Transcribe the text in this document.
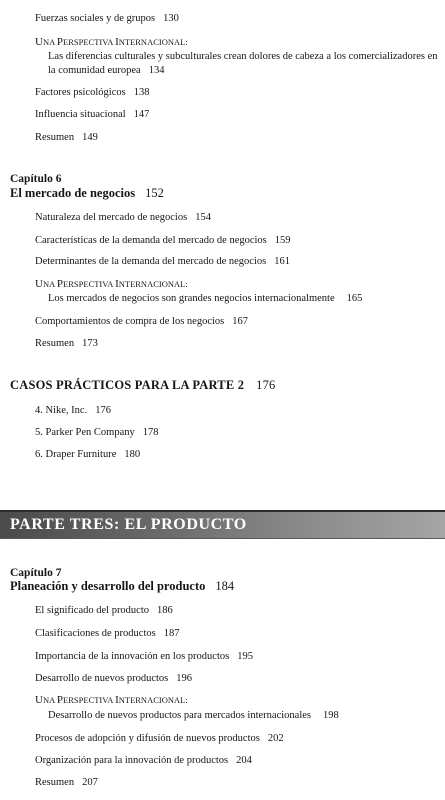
Fuerzas sociales y de grupos 130
UNA PERSPECTIVA INTERNACIONAL:
Las diferencias culturales y subculturales crean dolores de cabeza a los comercializadores en la comunidad europea 134
Factores psicológicos 138
Influencia situacional 147
Resumen 149
Capítulo 6
El mercado de negocios 152
Naturaleza del mercado de negocios 154
Características de la demanda del mercado de negocios 159
Determinantes de la demanda del mercado de negocios 161
UNA PERSPECTIVA INTERNACIONAL:
Los mercados de negocios son grandes negocios internacionalmente 165
Comportamientos de compra de los negocios 167
Resumen 173
CASOS PRÁCTICOS PARA LA PARTE 2 176
4. Nike, Inc. 176
5. Parker Pen Company 178
6. Draper Furniture 180
PARTE TRES: EL PRODUCTO
Capítulo 7
Planeación y desarrollo del producto 184
El significado del producto 186
Clasificaciones de productos 187
Importancia de la innovación en los productos 195
Desarrollo de nuevos productos 196
UNA PERSPECTIVA INTERNACIONAL:
Desarrollo de nuevos productos para mercados internacionales 198
Procesos de adopción y difusión de nuevos productos 202
Organización para la innovación de productos 204
Resumen 207
